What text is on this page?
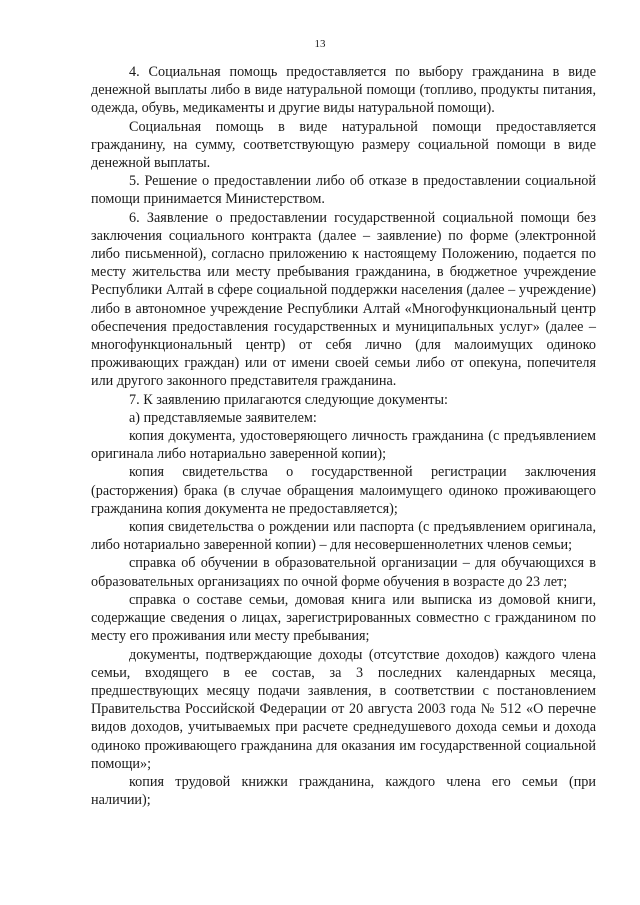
13

4. Социальная помощь предоставляется по выбору гражданина в виде денежной выплаты либо в виде натуральной помощи (топливо, продукты питания, одежда, обувь, медикаменты и другие виды натуральной помощи).

Социальная помощь в виде натуральной помощи предоставляется гражданину, на сумму, соответствующую размеру социальной помощи в виде денежной выплаты.

5. Решение о предоставлении либо об отказе в предоставлении социальной помощи принимается Министерством.

6. Заявление о предоставлении государственной социальной помощи без заключения социального контракта (далее – заявление) по форме (электронной либо письменной), согласно приложению к настоящему Положению, подается по месту жительства или месту пребывания гражданина, в бюджетное учреждение Республики Алтай в сфере социальной поддержки населения (далее – учреждение) либо в автономное учреждение Республики Алтай «Многофункциональный центр обеспечения предоставления государственных и муниципальных услуг» (далее – многофункциональный центр) от себя лично (для малоимущих одиноко проживающих граждан) или от имени своей семьи либо от опекуна, попечителя или другого законного представителя гражданина.

7. К заявлению прилагаются следующие документы:

а) представляемые заявителем:

копия документа, удостоверяющего личность гражданина (с предъявлением оригинала либо нотариально заверенной копии);

копия свидетельства о государственной регистрации заключения (расторжения) брака (в случае обращения малоимущего одиноко проживающего гражданина копия документа не предоставляется);

копия свидетельства о рождении или паспорта (с предъявлением оригинала, либо нотариально заверенной копии) – для несовершеннолетних членов семьи;

справка об обучении в образовательной организации – для обучающихся в образовательных организациях по очной форме обучения в возрасте до 23 лет;

справка о составе семьи, домовая книга или выписка из домовой книги, содержащие сведения о лицах, зарегистрированных совместно с гражданином по месту его проживания или месту пребывания;

документы, подтверждающие доходы (отсутствие доходов) каждого члена семьи, входящего в ее состав, за 3 последних календарных месяца, предшествующих месяцу подачи заявления, в соответствии с постановлением Правительства Российской Федерации от 20 августа 2003 года № 512 «О перечне видов доходов, учитываемых при расчете среднедушевого дохода семьи и дохода одиноко проживающего гражданина для оказания им государственной социальной помощи»;

копия трудовой книжки гражданина, каждого члена его семьи (при наличии);
